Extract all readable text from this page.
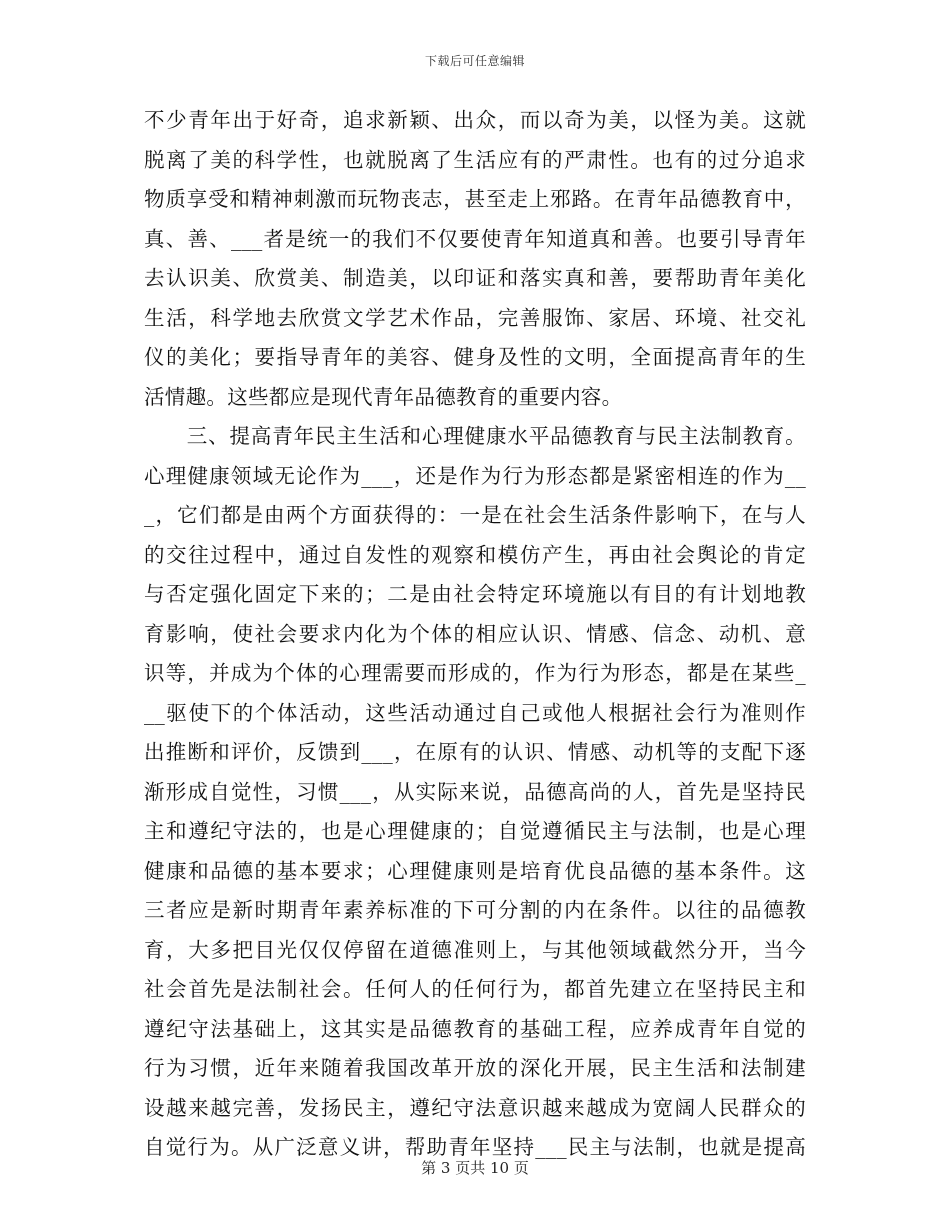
下载后可任意编辑
不少青年出于好奇，追求新颖、出众，而以奇为美，以怪为美。这就
脱离了美的科学性，也就脱离了生活应有的严肃性。也有的过分追求
物质享受和精神刺激而玩物丧志，甚至走上邪路。在青年品德教育中，
真、善、___者是统一的我们不仅要使青年知道真和善。也要引导青年
去认识美、欣赏美、制造美，以印证和落实真和善，要帮助青年美化
生活，科学地去欣赏文学艺术作品，完善服饰、家居、环境、社交礼
仪的美化；要指导青年的美容、健身及性的文明，全面提高青年的生
活情趣。这些都应是现代青年品德教育的重要内容。
　　三、提高青年民主生活和心理健康水平品德教育与民主法制教育。
心理健康领域无论作为___，还是作为行为形态都是紧密相连的作为__
_，它们都是由两个方面获得的：一是在社会生活条件影响下，在与人
的交往过程中，通过自发性的观察和模仿产生，再由社会舆论的肯定
与否定强化固定下来的；二是由社会特定环境施以有目的有计划地教
育影响，使社会要求内化为个体的相应认识、情感、信念、动机、意
识等，并成为个体的心理需要而形成的，作为行为形态，都是在某些_
__驱使下的个体活动，这些活动通过自己或他人根据社会行为准则作
出推断和评价，反馈到___，在原有的认识、情感、动机等的支配下逐
渐形成自觉性，习惯___，从实际来说，品德高尚的人，首先是坚持民
主和遵纪守法的，也是心理健康的；自觉遵循民主与法制，也是心理
健康和品德的基本要求；心理健康则是培育优良品德的基本条件。这
三者应是新时期青年素养标准的下可分割的内在条件。以往的品德教
育，大多把目光仅仅停留在道德准则上，与其他领域截然分开，当今
社会首先是法制社会。任何人的任何行为，都首先建立在坚持民主和
遵纪守法基础上，这其实是品德教育的基础工程，应养成青年自觉的
行为习惯，近年来随着我国改革开放的深化开展，民主生活和法制建
设越来越完善，发扬民主，遵纪守法意识越来越成为宽阔人民群众的
自觉行为。从广泛意义讲，帮助青年坚持___民主与法制，也就是提高
第 3 页共 10 页
